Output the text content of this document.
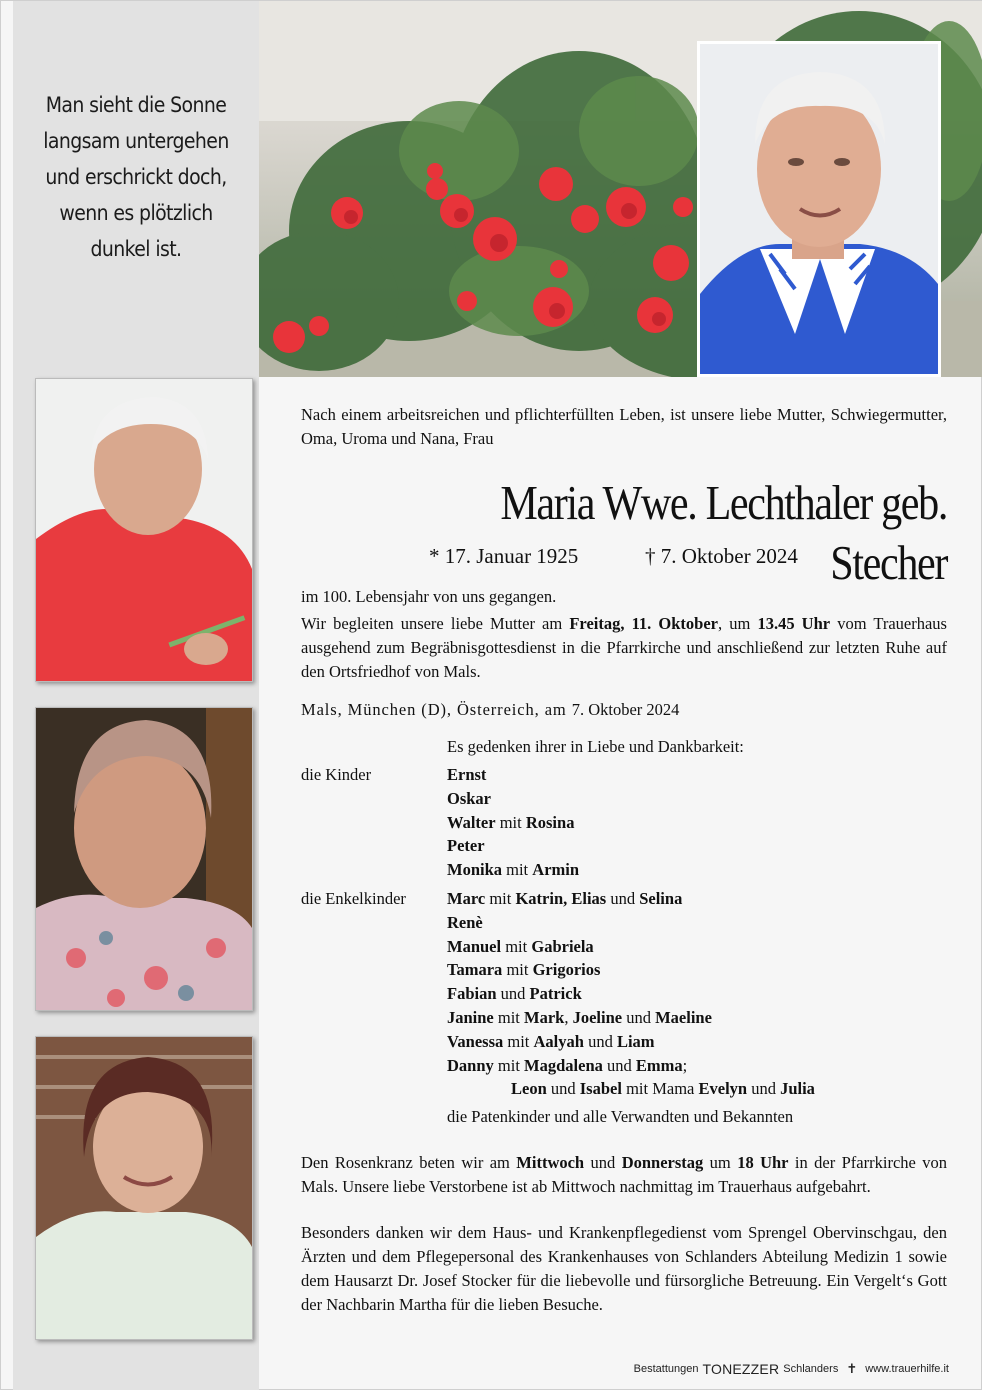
Man sieht die Sonne
langsam untergehen
und erschrickt doch,
wenn es plötzlich
dunkel ist.
Nach einem arbeitsreichen und pflichterfüllten Leben, ist unsere liebe Mutter, Schwiegermutter, Oma, Uroma und Nana, Frau
Maria Wwe. Lechthaler geb. Stecher
* 17. Januar 1925	† 7. Oktober 2024
im 100. Lebensjahr von uns gegangen.
Wir begleiten unsere liebe Mutter am Freitag, 11. Oktober, um 13.45 Uhr vom Trauerhaus ausgehend zum Begräbnisgottesdienst in die Pfarrkirche und anschließend zur letzten Ruhe auf den Ortsfriedhof von Mals.
Mals, München (D), Österreich, am 7. Oktober 2024
Es gedenken ihrer in Liebe und Dankbarkeit:
die Kinder	Ernst
Oskar
Walter mit Rosina
Peter
Monika mit Armin
die Enkelkinder Marc mit Katrin, Elias und Selina
Renè
Manuel mit Gabriela
Tamara mit Grigorios
Fabian und Patrick
Janine mit Mark, Joeline und Maeline
Vanessa mit Aalyah und Liam
Danny mit Magdalena und Emma;
Leon und Isabel mit Mama Evelyn und Julia
die Patenkinder und alle Verwandten und Bekannten
Den Rosenkranz beten wir am Mittwoch und Donnerstag um 18 Uhr in der Pfarrkirche von Mals. Unsere liebe Verstorbene ist ab Mittwoch nachmittag im Trauerhaus aufgebahrt.
Besonders danken wir dem Haus- und Krankenpflegedienst vom Sprengel Obervinschgau, den Ärzten und dem Pflegepersonal des Krankenhauses von Schlanders Abteilung Medizin 1 sowie dem Hausarzt Dr. Josef Stocker für die liebevolle und fürsorgliche Betreuung. Ein Vergelt‘s Gott der Nachbarin Martha für die lieben Besuche.
Bestattungen TONEZZER Schlanders ✝ www.trauerhilfe.it
